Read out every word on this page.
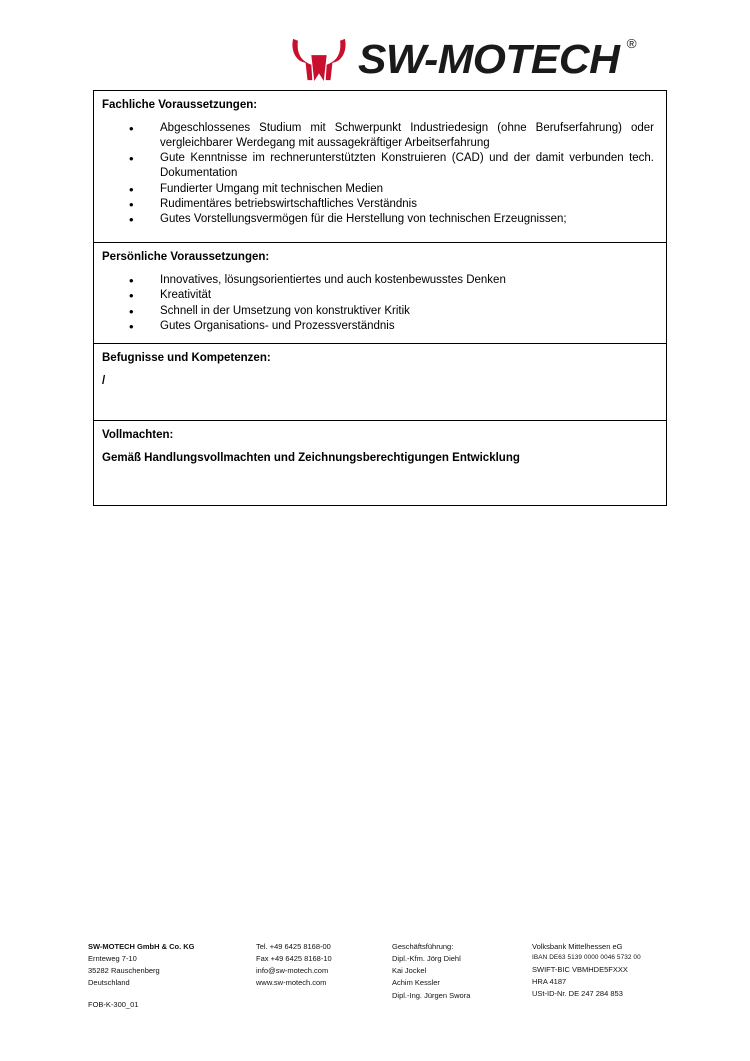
SW-MOTECH ®
Fachliche Voraussetzungen:
• Abgeschlossenes Studium mit Schwerpunkt Industriedesign (ohne Berufserfahrung) oder vergleichbarer Werdegang mit aussagekräftiger Arbeitserfahrung
• Gute Kenntnisse im rechnerunterstützten Konstruieren (CAD) und der damit verbunden tech. Dokumentation
• Fundierter Umgang mit technischen Medien
• Rudimentäres betriebswirtschaftliches Verständnis
• Gutes Vorstellungsvermögen für die Herstellung von technischen Erzeugnissen;
Persönliche Voraussetzungen:
• Innovatives, lösungsorientiertes und auch kostenbewusstes Denken
• Kreativität
• Schnell in der Umsetzung von konstruktiver Kritik
• Gutes Organisations- und Prozessverständnis
Befugnisse und Kompetenzen:
/
Vollmachten:
Gemäß Handlungsvollmachten und Zeichnungsberechtigungen Entwicklung
SW-MOTECH GmbH & Co. KG
Ernteweg 7-10
35282 Rauschenberg
Deutschland
Tel. +49 6425 8168-00
Fax +49 6425 8168-10
info@sw-motech.com
www.sw-motech.com
Geschäftsführung:
Dipl.-Kfm. Jörg Diehl
Kai Jockel
Achim Kessler
Dipl.-Ing. Jürgen Swora
Volksbank Mittelhessen eG
IBAN DE63 5139 0000 0046 5732 00
SWIFT-BIC VBMHDE5FXXX
HRA 4187
USt-ID-Nr. DE 247 284 853
FOB-K-300_01
